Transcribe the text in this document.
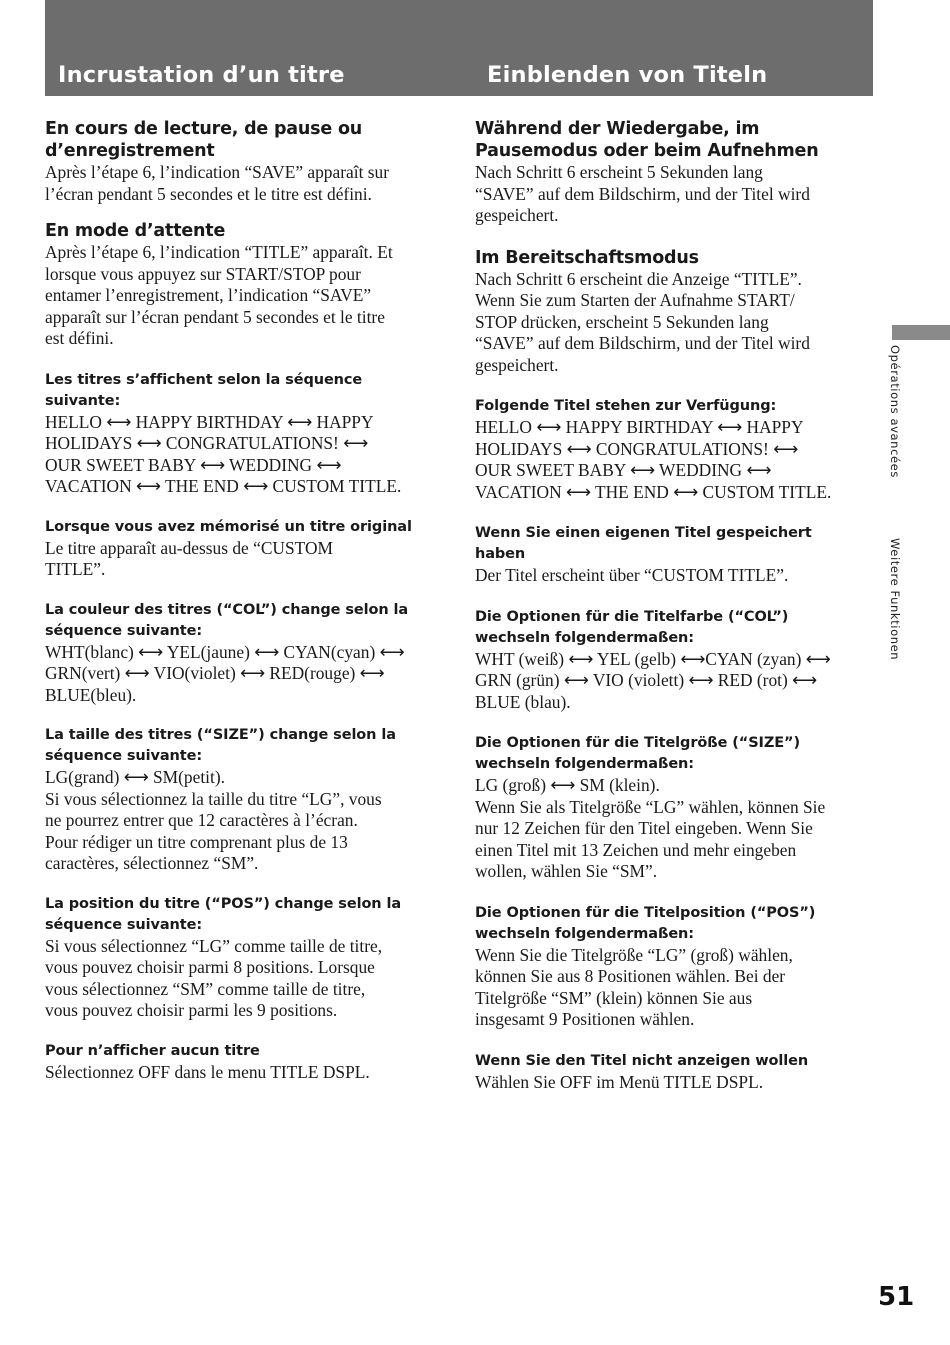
Incrustation d’un titre	Einblenden von Titeln

En cours de lecture, de pause ou
d’enregistrement

Après l’étape 6, l’indication “SAVE” apparaît sur
l’écran pendant 5 secondes et le titre est défini.

En mode d’attente

Après l’étape 6, l’indication “TITLE” apparaît. Et
lorsque vous appuyez sur START/STOP pour
entamer l’enregistrement, l’indication “SAVE”
apparaît sur l’écran pendant 5 secondes et le titre
est défini.

Les titres s’affichent selon la séquence
suivante:

HELLO ⟷ HAPPY BIRTHDAY ⟷ HAPPY
HOLIDAYS ⟷ CONGRATULATIONS! ⟷
OUR SWEET BABY ⟷ WEDDING ⟷
VACATION ⟷ THE END ⟷ CUSTOM TITLE.

Lorsque vous avez mémorisé un titre original

Le titre apparaît au-dessus de “CUSTOM
TITLE”.

La couleur des titres (“COL”) change selon la
séquence suivante:

WHT(blanc) ⟷ YEL(jaune) ⟷ CYAN(cyan) ⟷
GRN(vert) ⟷ VIO(violet) ⟷ RED(rouge) ⟷
BLUE(bleu).

La taille des titres (“SIZE”) change selon la
séquence suivante:

LG(grand) ⟷ SM(petit).
Si vous sélectionnez la taille du titre “LG”, vous
ne pourrez entrer que 12 caractères à l’écran.
Pour rédiger un titre comprenant plus de 13
caractères, sélectionnez “SM”.

La position du titre (“POS”) change selon la
séquence suivante:

Si vous sélectionnez “LG” comme taille de titre,
vous pouvez choisir parmi 8 positions. Lorsque
vous sélectionnez “SM” comme taille de titre,
vous pouvez choisir parmi les 9 positions.

Pour n’afficher aucun titre

Sélectionnez OFF dans le menu TITLE DSPL.

Während der Wiedergabe, im
Pausemodus oder beim Aufnehmen

Nach Schritt 6 erscheint 5 Sekunden lang
“SAVE” auf dem Bildschirm, und der Titel wird
gespeichert.

Im Bereitschaftsmodus

Nach Schritt 6 erscheint die Anzeige “TITLE”.
Wenn Sie zum Starten der Aufnahme START/
STOP drücken, erscheint 5 Sekunden lang
“SAVE” auf dem Bildschirm, und der Titel wird
gespeichert.

Folgende Titel stehen zur Verfügung:

HELLO ⟷ HAPPY BIRTHDAY ⟷ HAPPY
HOLIDAYS ⟷ CONGRATULATIONS! ⟷
OUR SWEET BABY ⟷ WEDDING ⟷
VACATION ⟷ THE END ⟷ CUSTOM TITLE.

Wenn Sie einen eigenen Titel gespeichert
haben

Der Titel erscheint über “CUSTOM TITLE”.

Die Optionen für die Titelfarbe (“COL”)
wechseln folgendermaßen:

WHT (weiß) ⟷ YEL (gelb) ⟷CYAN (zyan) ⟷
GRN (grün) ⟷ VIO (violett) ⟷ RED (rot) ⟷
BLUE (blau).

Die Optionen für die Titelgröße (“SIZE”)
wechseln folgendermaßen:

LG (groß) ⟷ SM (klein).
Wenn Sie als Titelgröße “LG” wählen, können Sie
nur 12 Zeichen für den Titel eingeben. Wenn Sie
einen Titel mit 13 Zeichen und mehr eingeben
wollen, wählen Sie “SM”.

Die Optionen für die Titelposition (“POS”)
wechseln folgendermaßen:

Wenn Sie die Titelgröße “LG” (groß) wählen,
können Sie aus 8 Positionen wählen. Bei der
Titelgröße “SM” (klein) können Sie aus
insgesamt 9 Positionen wählen.

Wenn Sie den Titel nicht anzeigen wollen

Wählen Sie OFF im Menü TITLE DSPL.

Opérations avancées
Weitere Funktionen
51
